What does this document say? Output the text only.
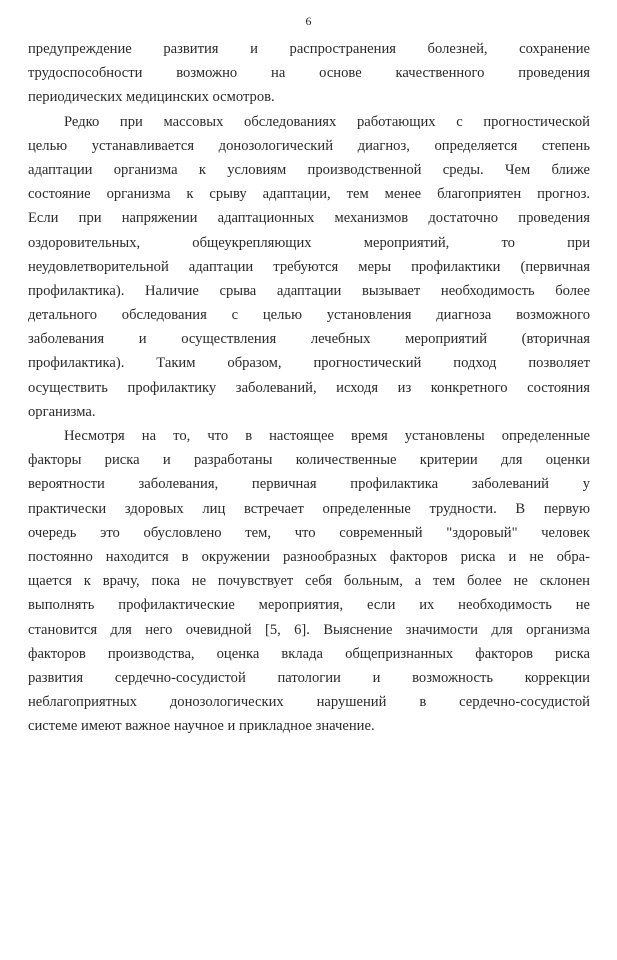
6
предупреждение развития и распространения болезней, сохранение
трудоспособности возможно на основе качественного проведения
периодических медицинских осмотров.
Редко при массовых обследованиях работающих с прогностической
целью устанавливается донозологический диагноз, определяется степень
адаптации организма к условиям производственной среды. Чем ближе
состояние организма к срыву адаптации, тем менее благоприятен прогноз.
Если при напряжении адаптационных механизмов достаточно проведения
оздоровительных, общеукрепляющих мероприятий, то при
неудовлетворительной адаптации требуются меры профилактики (первичная
профилактика). Наличие срыва адаптации вызывает необходимость более
детального обследования с целью установления диагноза возможного
заболевания и осуществления лечебных мероприятий (вторичная
профилактика). Таким образом, прогностический подход позволяет
осуществить профилактику заболеваний, исходя из конкретного состояния
организма.
Несмотря на то, что в настоящее время установлены определенные
факторы риска и разработаны количественные критерии для оценки
вероятности заболевания, первичная профилактика заболеваний у
практически здоровых лиц встречает определенные трудности. В первую
очередь это обусловлено тем, что современный "здоровый" человек
постоянно находится в окружении разнообразных факторов риска и не обра-
щается к врачу, пока не почувствует себя больным, а тем более не склонен
выполнять профилактические мероприятия, если их необходимость не
становится для него очевидной [5, 6]. Выяснение значимости для организма
факторов производства, оценка вклада общепризнанных факторов риска
развития сердечно-сосудистой патологии и возможность коррекции
неблагоприятных донозологических нарушений в сердечно-сосудистой
системе имеют важное научное и прикладное значение.
